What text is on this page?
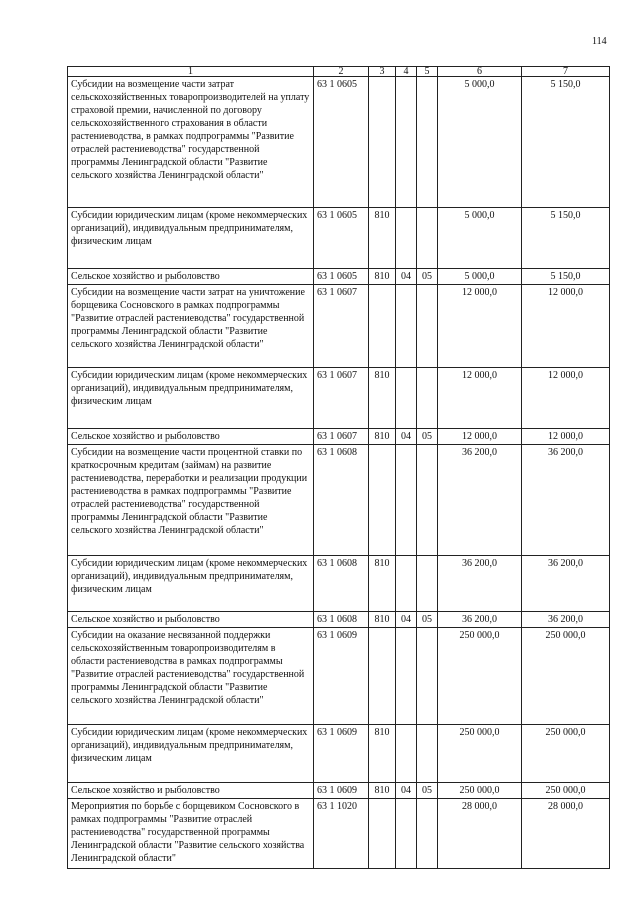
114
1	2	3	4	5	6	7
Субсидии на возмещение части затрат сельскохозяйственных товаропроизводителей на уплату страховой премии, начисленной по договору сельскохозяйственного страхования в области растениеводства, в рамках подпрограммы "Развитие отраслей растениеводства" государственной программы Ленинградской области "Развитие сельского хозяйства Ленинградской области"	63 1 0605				5 000,0	5 150,0
Субсидии юридическим лицам (кроме некоммерческих организаций), индивидуальным предпринимателям, физическим лицам	63 1 0605	810			5 000,0	5 150,0
Сельское хозяйство и рыболовство	63 1 0605	810	04	05	5 000,0	5 150,0
Субсидии на возмещение части затрат на уничтожение борщевика Сосновского в рамках подпрограммы "Развитие отраслей растениеводства" государственной программы Ленинградской области "Развитие сельского хозяйства Ленинградской области"	63 1 0607				12 000,0	12 000,0
Субсидии юридическим лицам (кроме некоммерческих организаций), индивидуальным предпринимателям, физическим лицам	63 1 0607	810			12 000,0	12 000,0
Сельское хозяйство и рыболовство	63 1 0607	810	04	05	12 000,0	12 000,0
Субсидии на возмещение части процентной ставки по краткосрочным кредитам (займам) на развитие растениеводства, переработки и реализации продукции растениеводства в рамках подпрограммы "Развитие отраслей растениеводства" государственной программы Ленинградской области "Развитие сельского хозяйства Ленинградской области"	63 1 0608				36 200,0	36 200,0
Субсидии юридическим лицам (кроме некоммерческих организаций), индивидуальным предпринимателям, физическим лицам	63 1 0608	810			36 200,0	36 200,0
Сельское хозяйство и рыболовство	63 1 0608	810	04	05	36 200,0	36 200,0
Субсидии на оказание несвязанной поддержки сельскохозяйственным товаропроизводителям в области растениеводства в рамках подпрограммы "Развитие отраслей растениеводства" государственной программы Ленинградской области "Развитие сельского хозяйства Ленинградской области"	63 1 0609				250 000,0	250 000,0
Субсидии юридическим лицам (кроме некоммерческих организаций), индивидуальным предпринимателям, физическим лицам	63 1 0609	810			250 000,0	250 000,0
Сельское хозяйство и рыболовство	63 1 0609	810	04	05	250 000,0	250 000,0
Мероприятия по борьбе с борщевиком Сосновского в рамках подпрограммы "Развитие отраслей растениеводства" государственной программы Ленинградской области "Развитие сельского хозяйства Ленинградской области"	63 1 1020				28 000,0	28 000,0
